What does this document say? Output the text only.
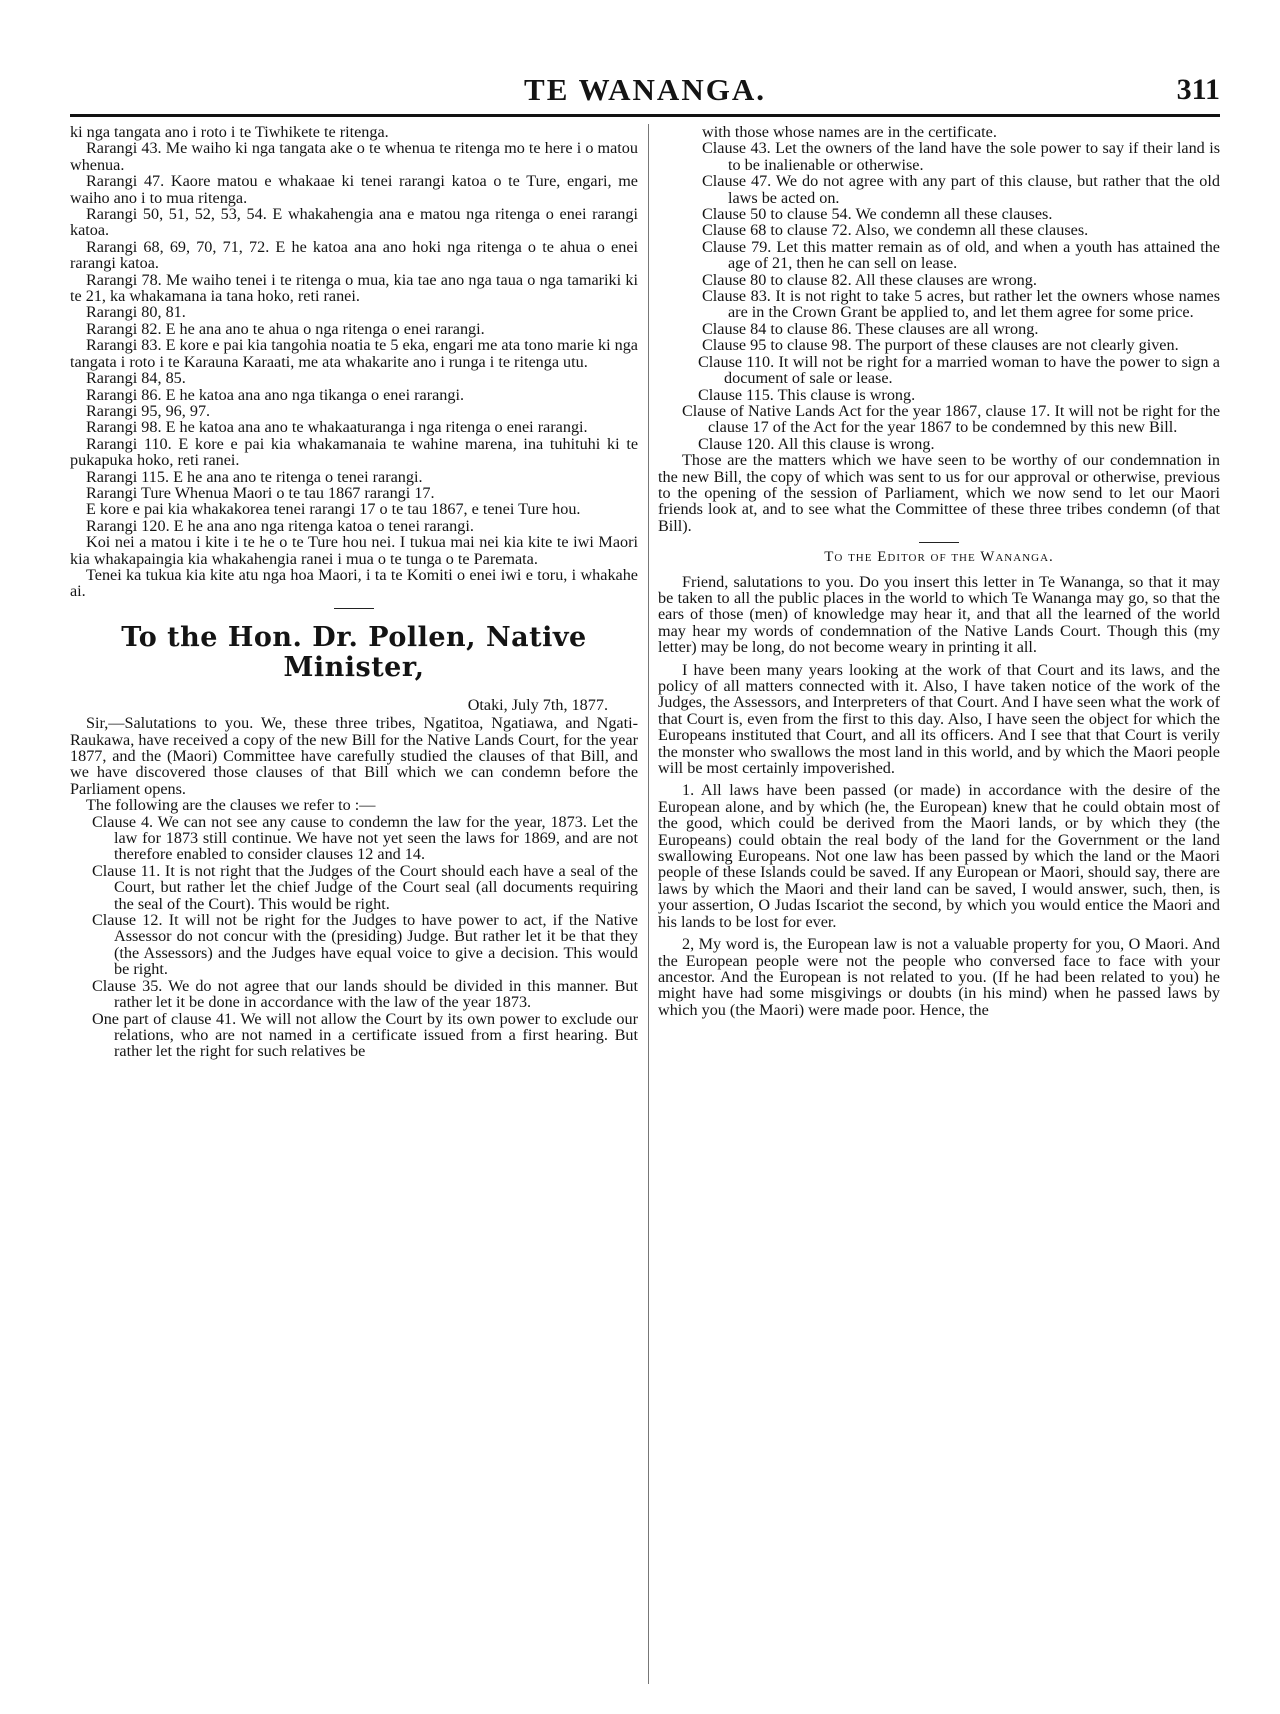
TE WANANGA.	311

ki nga tangata ano i roto i te Tiwhikete te ritenga.

Rarangi 43. Me waiho ki nga tangata ake o te whenua te ritenga mo te here i o matou whenua.

Rarangi 47. Kaore matou e whakaae ki tenei rarangi katoa o te Ture, engari, me waiho ano i to mua ritenga.

Rarangi 50, 51, 52, 53, 54. E whakahengia ana e matou nga ritenga o enei rarangi katoa.

Rarangi 68, 69, 70, 71, 72. E he katoa ana ano hoki nga ritenga o te ahua o enei rarangi katoa.

Rarangi 78. Me waiho tenei i te ritenga o mua, kia tae ano nga taua o nga tamariki ki te 21, ka whakamana ia tana hoko, reti ranei.

Rarangi 80, 81.

Rarangi 82. E he ana ano te ahua o nga ritenga o enei rarangi.

Rarangi 83. E kore e pai kia tangohia noatia te 5 eka, engari me ata tono marie ki nga tangata i roto i te Karauna Karaati, me ata whakarite ano i runga i te ritenga utu.

Rarangi 84, 85.

Rarangi 86. E he katoa ana ano nga tikanga o enei rarangi.

Rarangi 95, 96, 97.

Rarangi 98. E he katoa ana ano te whakaaturanga i nga ritenga o enei rarangi.

Rarangi 110. E kore e pai kia whakamanaia te wahine marena, ina tuhituhi ki te pukapuka hoko, reti ranei.

Rarangi 115. E he ana ano te ritenga o tenei rarangi.

Rarangi Ture Whenua Maori o te tau 1867 rarangi 17.

E kore e pai kia whakakorea tenei rarangi 17 o te tau 1867, e tenei Ture hou.

Rarangi 120. E he ana ano nga ritenga katoa o tenei rarangi.

Koi nei a matou i kite i te he o te Ture hou nei. I tukua mai nei kia kite te iwi Maori kia whakapaingia kia whakahengia ranei i mua o te tunga o te Paremata.

Tenei ka tukua kia kite atu nga hoa Maori, i ta te Komiti o enei iwi e toru, i whakahe ai.

To the Hon. Dr. Pollen, Native Minister,

Otaki, July 7th, 1877.

Sir,—Salutations to you. We, these three tribes, Ngatitoa, Ngatiawa, and Ngati-Raukawa, have received a copy of the new Bill for the Native Lands Court, for the year 1877, and the (Maori) Committee have carefully studied the clauses of that Bill, and we have discovered those clauses of that Bill which we can condemn before the Parliament opens.

The following are the clauses we refer to :—

Clause 4. We can not see any cause to condemn the law for the year, 1873. Let the law for 1873 still continue. We have not yet seen the laws for 1869, and are not therefore enabled to consider clauses 12 and 14.

Clause 11. It is not right that the Judges of the Court should each have a seal of the Court, but rather let the chief Judge of the Court seal (all documents requiring the seal of the Court). This would be right.

Clause 12. It will not be right for the Judges to have power to act, if the Native Assessor do not concur with the (presiding) Judge. But rather let it be that they (the Assessors) and the Judges have equal voice to give a decision. This would be right.

Clause 35. We do not agree that our lands should be divided in this manner. But rather let it be done in accordance with the law of the year 1873.

One part of clause 41. We will not allow the Court by its own power to exclude our relations, who are not named in a certificate issued from a first hearing. But rather let the right for such relatives be

with those whose names are in the certificate.

Clause 43. Let the owners of the land have the sole power to say if their land is to be inalienable or otherwise.

Clause 47. We do not agree with any part of this clause, but rather that the old laws be acted on.

Clause 50 to clause 54. We condemn all these clauses.

Clause 68 to clause 72. Also, we condemn all these clauses.

Clause 79. Let this matter remain as of old, and when a youth has attained the age of 21, then he can sell on lease.

Clause 80 to clause 82. All these clauses are wrong.

Clause 83. It is not right to take 5 acres, but rather let the owners whose names are in the Crown Grant be applied to, and let them agree for some price.

Clause 84 to clause 86. These clauses are all wrong.

Clause 95 to clause 98. The purport of these clauses are not clearly given.

Clause 110. It will not be right for a married woman to have the power to sign a document of sale or lease.

Clause 115. This clause is wrong.

Clause of Native Lands Act for the year 1867, clause 17. It will not be right for the clause 17 of the Act for the year 1867 to be condemned by this new Bill.

Clause 120. All this clause is wrong.

Those are the matters which we have seen to be worthy of our condemnation in the new Bill, the copy of which was sent to us for our approval or otherwise, previous to the opening of the session of Parliament, which we now send to let our Maori friends look at, and to see what the Committee of these three tribes condemn (of that Bill).

To the Editor of the Wananga.

Friend, salutations to you. Do you insert this letter in Te Wananga, so that it may be taken to all the public places in the world to which Te Wananga may go, so that the ears of those (men) of knowledge may hear it, and that all the learned of the world may hear my words of condemnation of the Native Lands Court. Though this (my letter) may be long, do not become weary in printing it all.

I have been many years looking at the work of that Court and its laws, and the policy of all matters connected with it. Also, I have taken notice of the work of the Judges, the Assessors, and Interpreters of that Court. And I have seen what the work of that Court is, even from the first to this day. Also, I have seen the object for which the Europeans instituted that Court, and all its officers. And I see that that Court is verily the monster who swallows the most land in this world, and by which the Maori people will be most certainly impoverished.

1. All laws have been passed (or made) in accordance with the desire of the European alone, and by which (he, the European) knew that he could obtain most of the good, which could be derived from the Maori lands, or by which they (the Europeans) could obtain the real body of the land for the Government or the land swallowing Europeans. Not one law has been passed by which the land or the Maori people of these Islands could be saved. If any European or Maori, should say, there are laws by which the Maori and their land can be saved, I would answer, such, then, is your assertion, O Judas Iscariot the second, by which you would entice the Maori and his lands to be lost for ever.

2, My word is, the European law is not a valuable property for you, O Maori. And the European people were not the people who conversed face to face with your ancestor. And the European is not related to you. (If he had been related to you) he might have had some misgivings or doubts (in his mind) when he passed laws by which you (the Maori) were made poor. Hence, the
